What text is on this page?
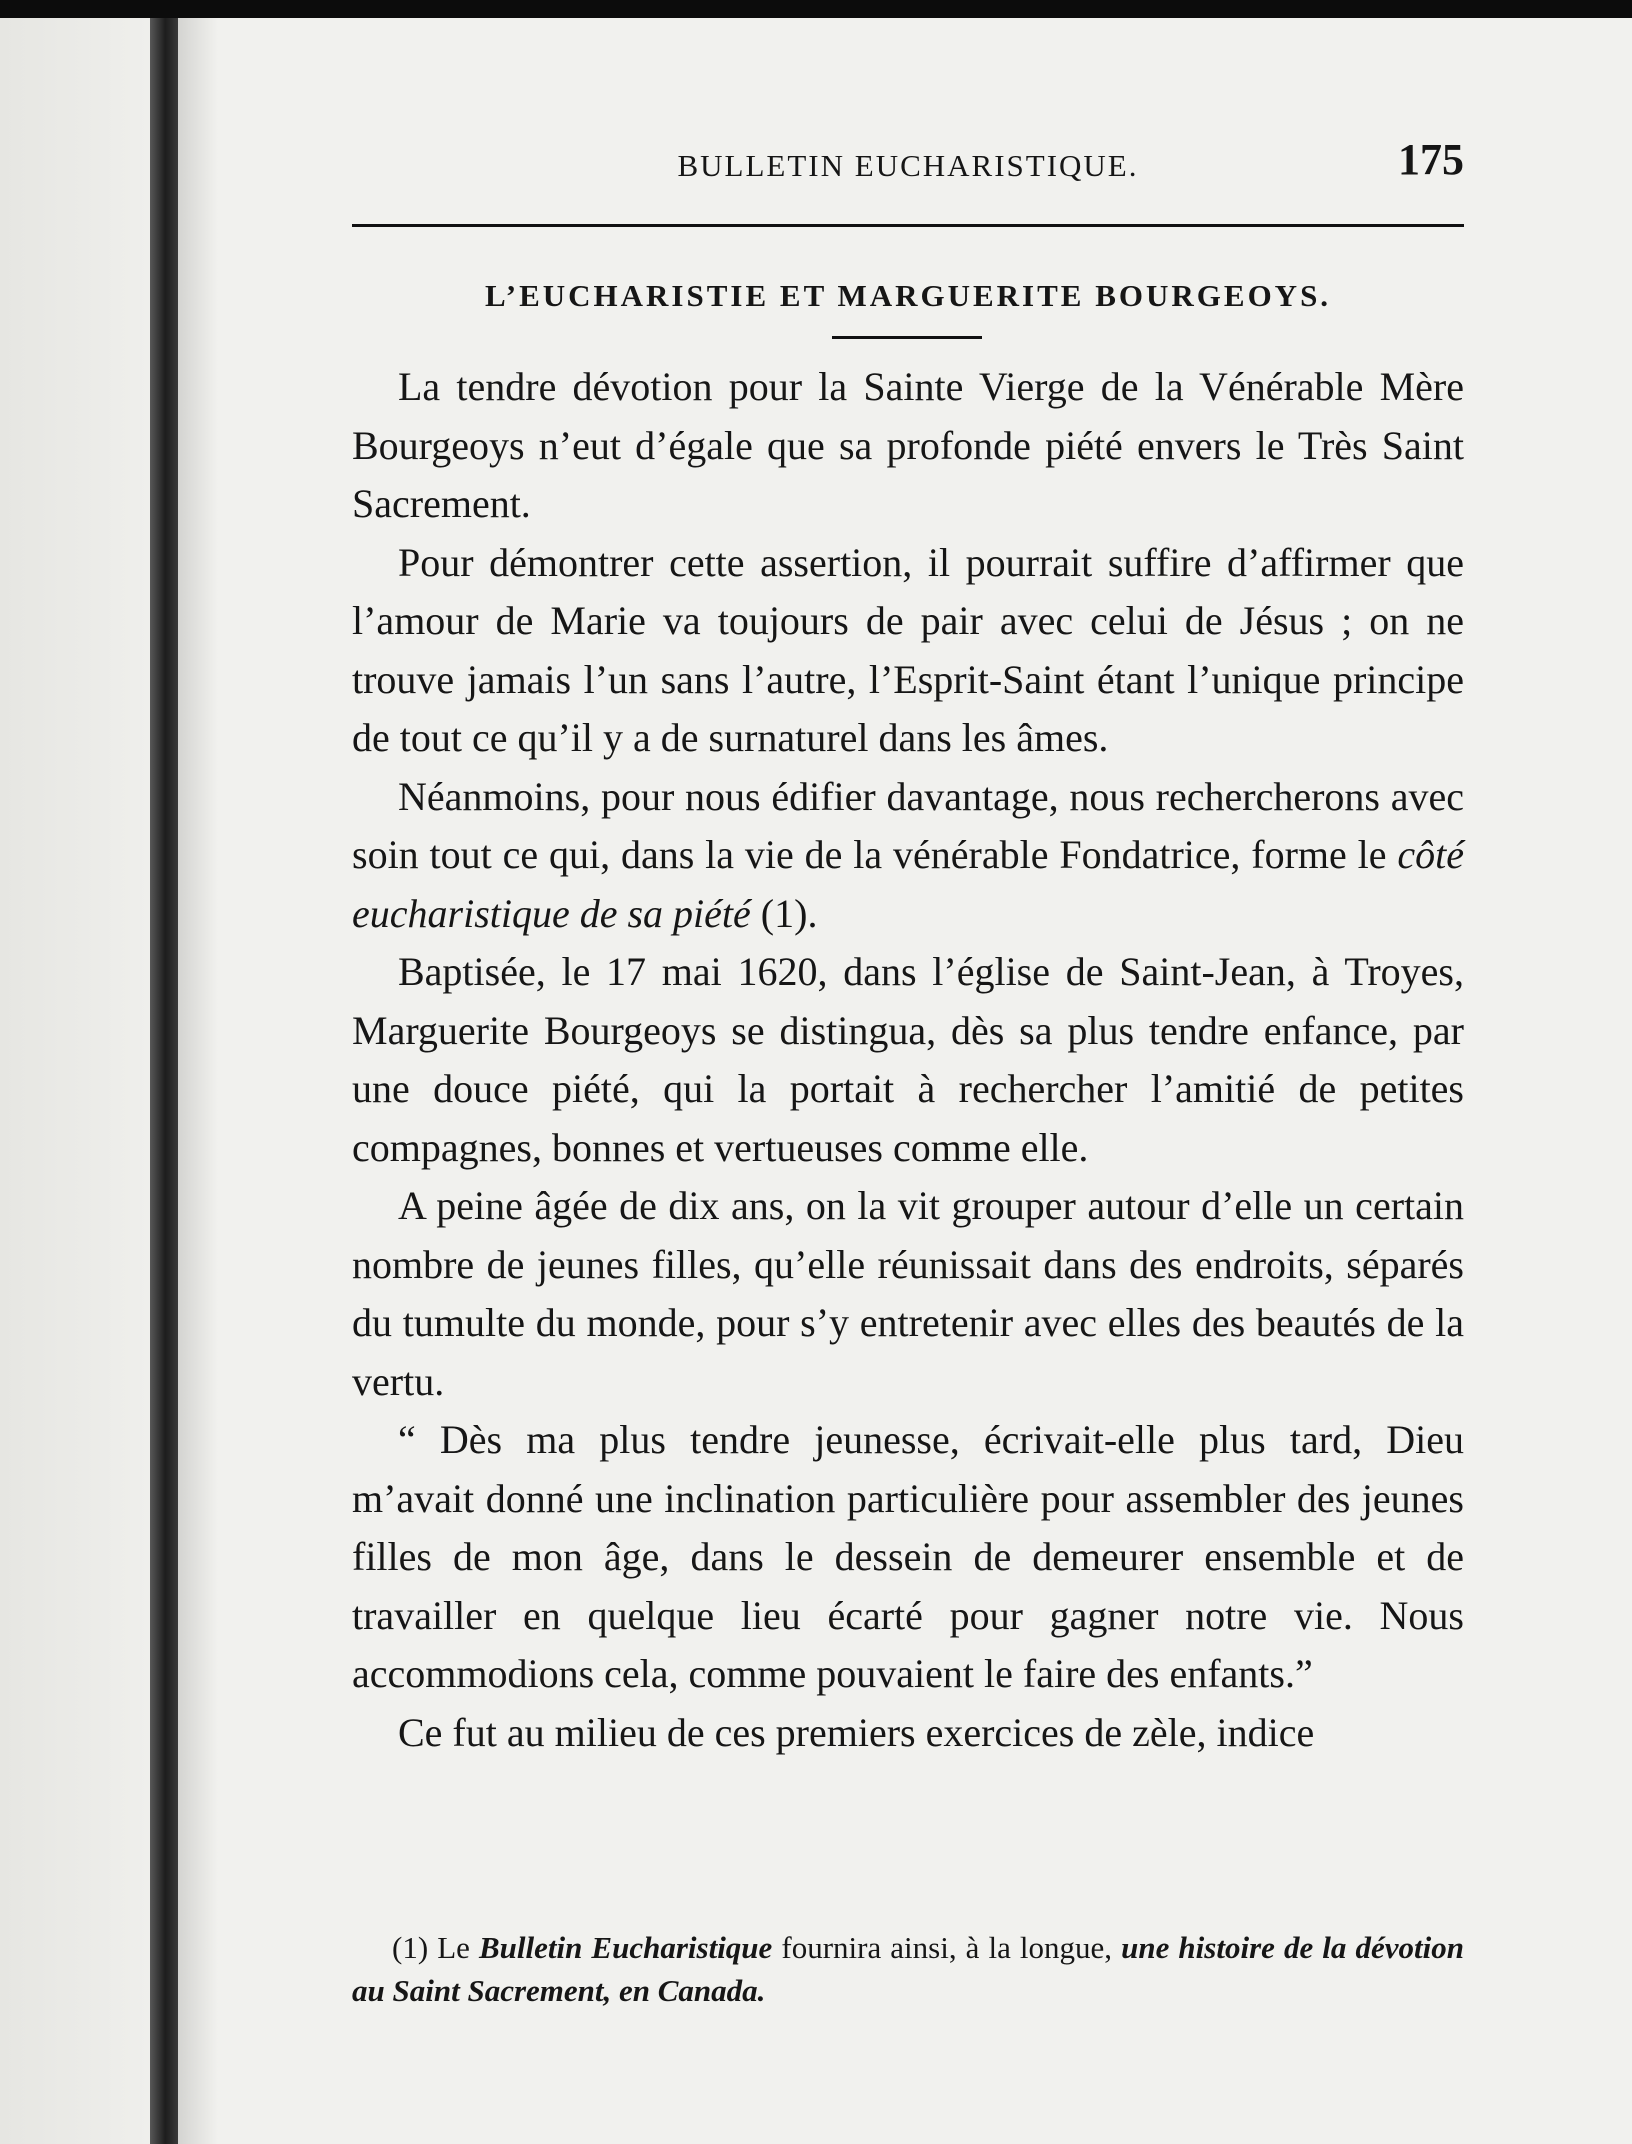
BULLETIN EUCHARISTIQUE.	175
L’EUCHARISTIE ET MARGUERITE BOURGEOYS.

La tendre dévotion pour la Sainte Vierge de la Vénérable Mère Bourgeoys n’eut d’égale que sa profonde piété envers le Très Saint Sacrement.

Pour démontrer cette assertion, il pourrait suffire d’affirmer que l’amour de Marie va toujours de pair avec celui de Jésus ; on ne trouve jamais l’un sans l’autre, l’Esprit-Saint étant l’unique principe de tout ce qu’il y a de surnaturel dans les âmes.

Néanmoins, pour nous édifier davantage, nous rechercherons avec soin tout ce qui, dans la vie de la vénérable Fondatrice, forme le côté eucharistique de sa piété (1).

Baptisée, le 17 mai 1620, dans l’église de Saint-Jean, à Troyes, Marguerite Bourgeoys se distingua, dès sa plus tendre enfance, par une douce piété, qui la portait à rechercher l’amitié de petites compagnes, bonnes et vertueuses comme elle.

A peine âgée de dix ans, on la vit grouper autour d’elle un certain nombre de jeunes filles, qu’elle réunissait dans des endroits, séparés du tumulte du monde, pour s’y entretenir avec elles des beautés de la vertu.

“ Dès ma plus tendre jeunesse, écrivait-elle plus tard, Dieu m’avait donné une inclination particulière pour assembler des jeunes filles de mon âge, dans le dessein de demeurer ensemble et de travailler en quelque lieu écarté pour gagner notre vie. Nous accommodions cela, comme pouvaient le faire des enfants.”

Ce fut au milieu de ces premiers exercices de zèle, indice

(1) Le Bulletin Eucharistique fournira ainsi, à la longue, une histoire de la dévotion au Saint Sacrement, en Canada.
